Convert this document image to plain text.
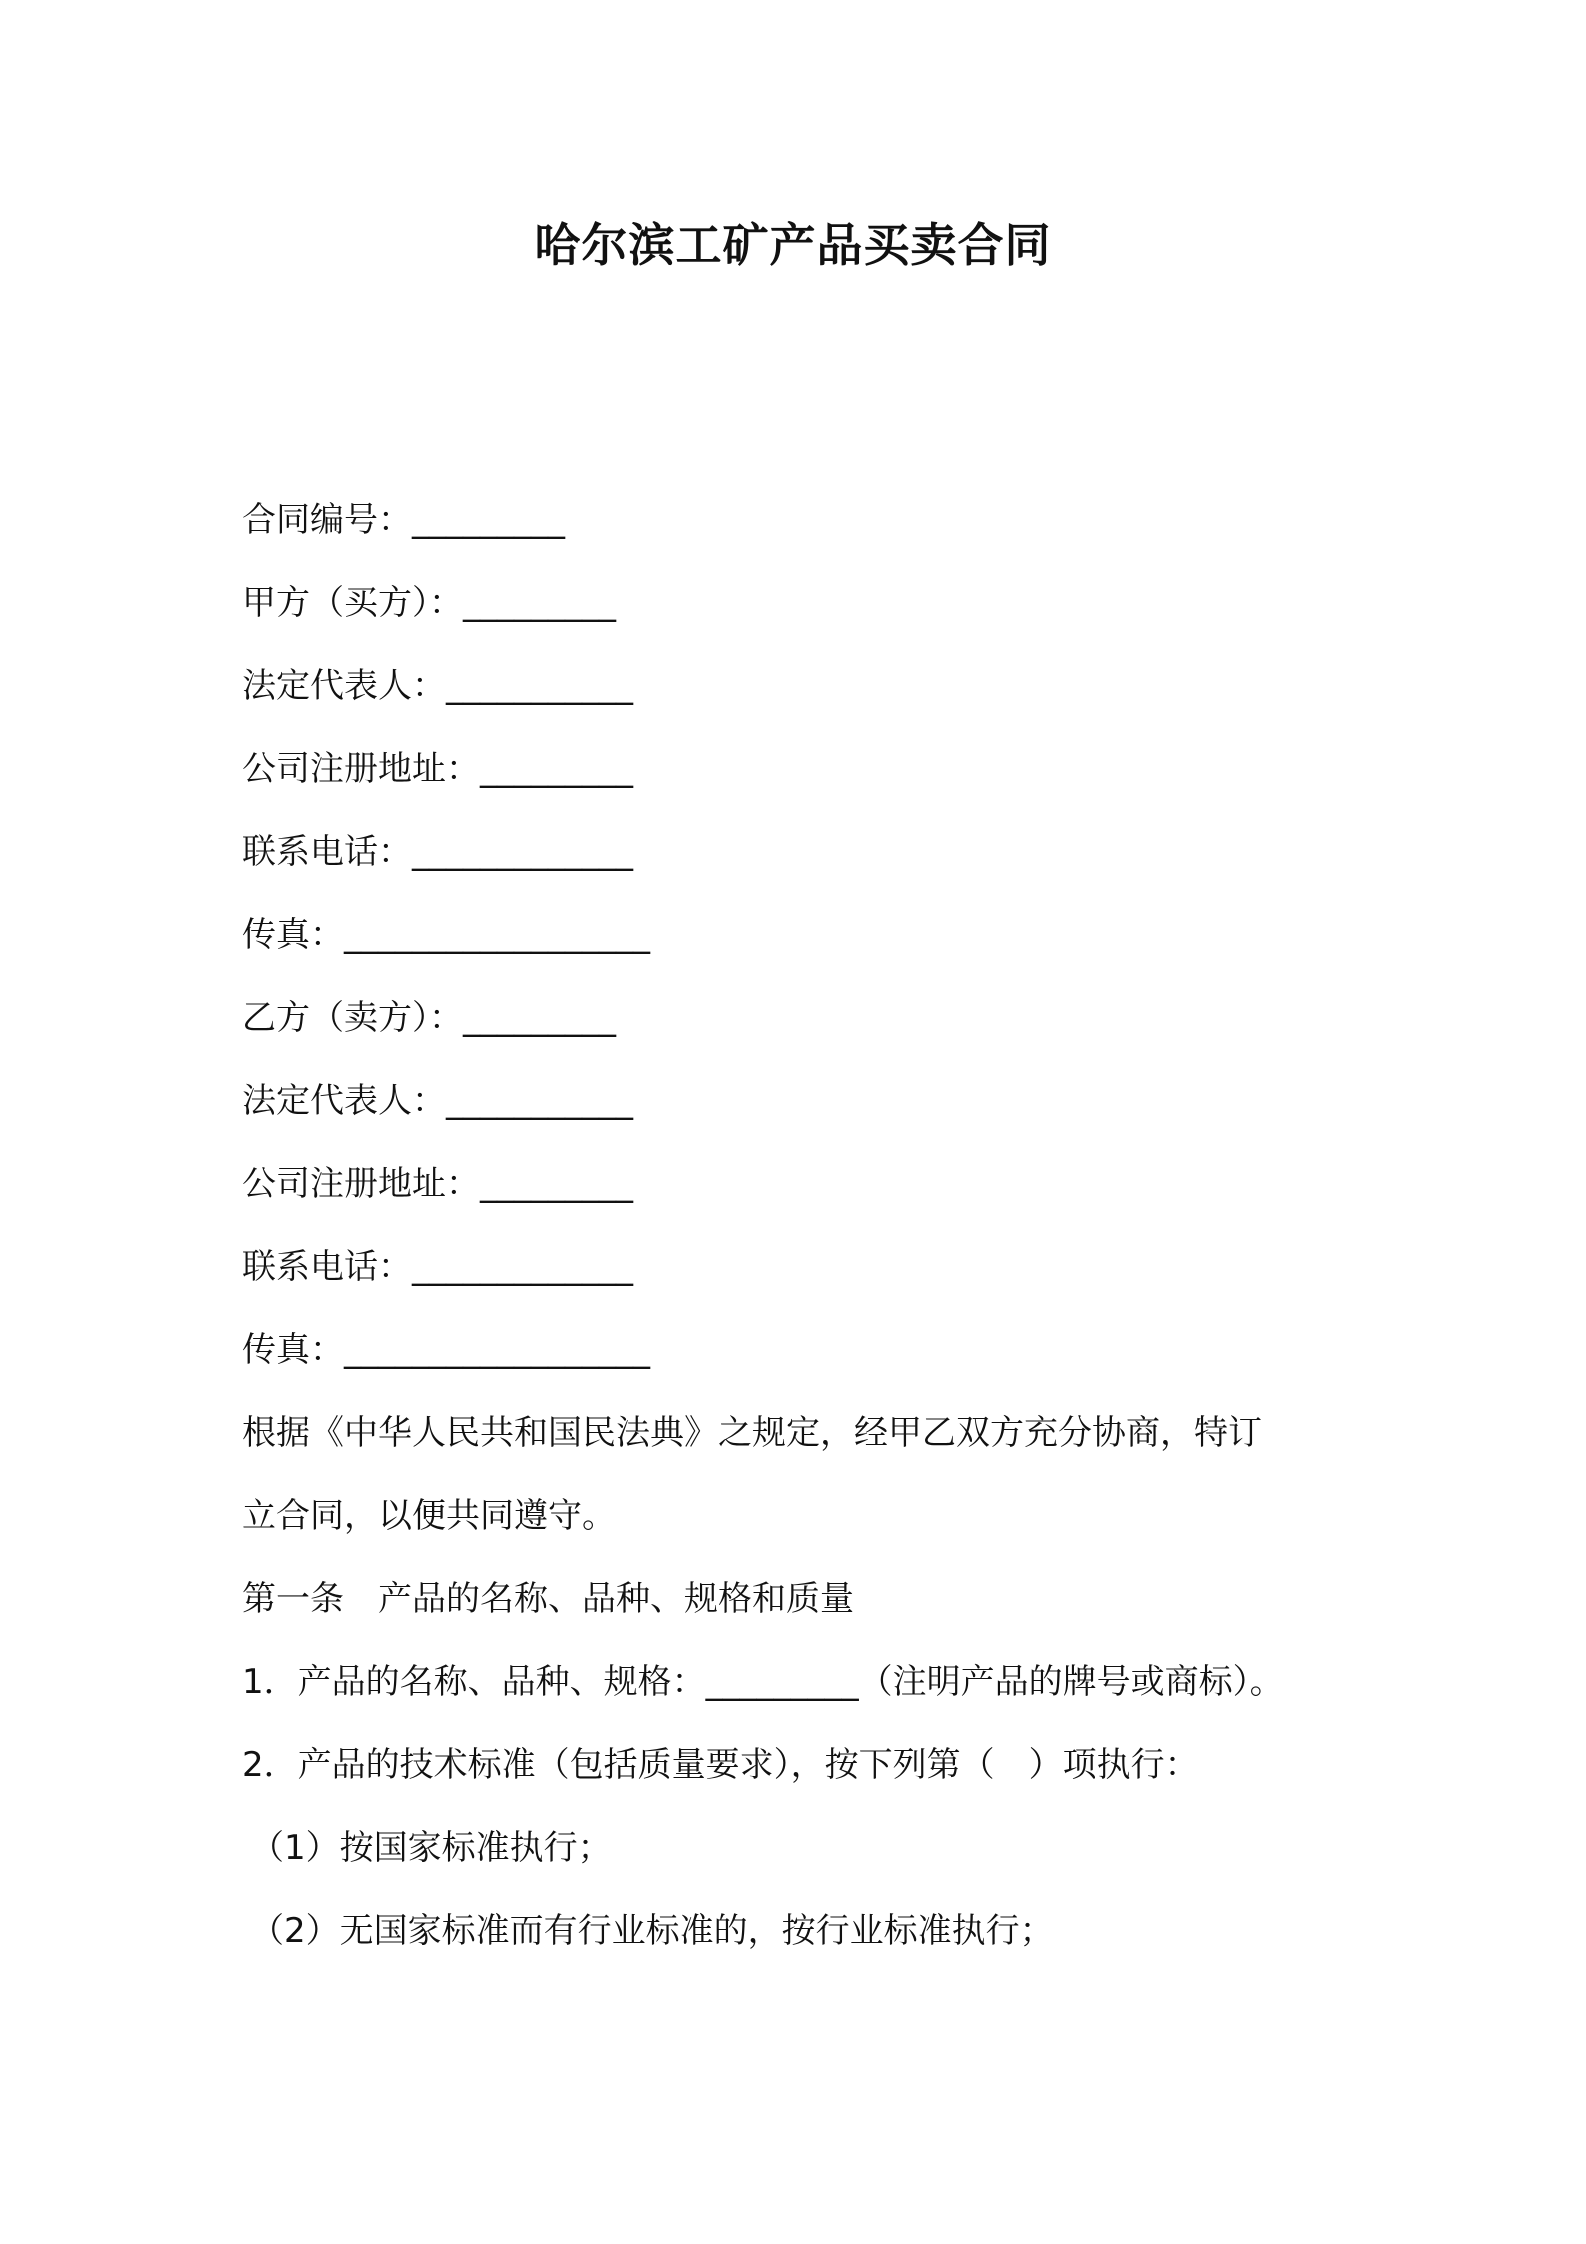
哈尔滨工矿产品买卖合同
合同编号：_________
甲方（买方）：_________
法定代表人：___________
公司注册地址：_________
联系电话：_____________
传真：__________________
乙方（卖方）：_________
法定代表人：___________
公司注册地址：_________
联系电话：_____________
传真：__________________
根据《中华人民共和国民法典》之规定，经甲乙双方充分协商，特订
立合同，以便共同遵守。
第一条　产品的名称、品种、规格和质量
1．产品的名称、品种、规格：_________（注明产品的牌号或商标）。
2．产品的技术标准（包括质量要求），按下列第（　）项执行：
（1）按国家标准执行；
（2）无国家标准而有行业标准的，按行业标准执行；
